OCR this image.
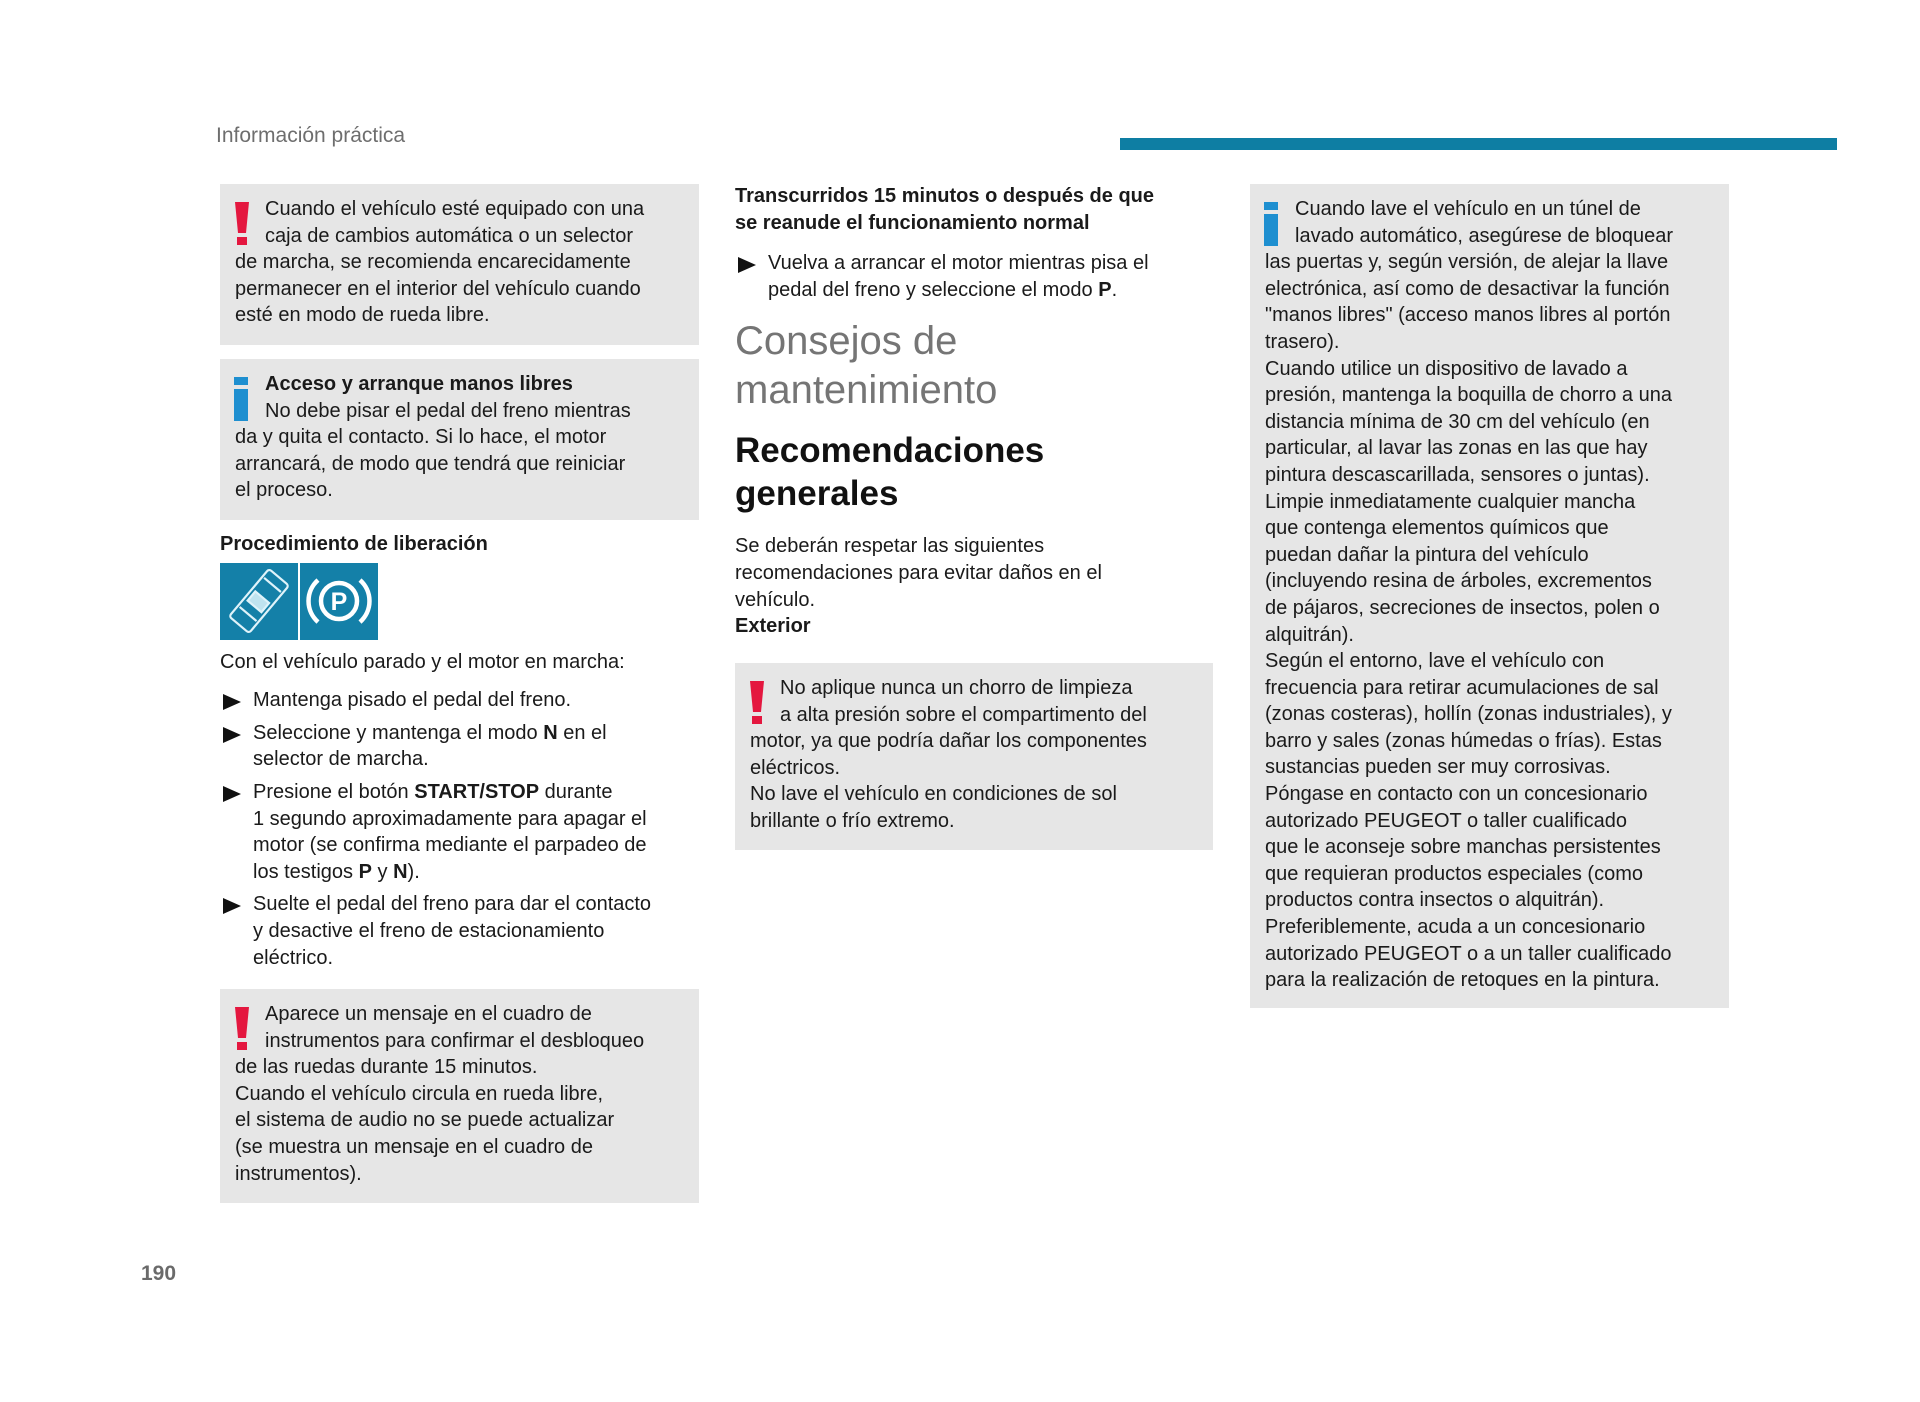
Información práctica

Cuando el vehículo esté equipado con una

caja de cambios automática o un selector

de marcha, se recomienda encarecidamente

permanecer en el interior del vehículo cuando

esté en modo de rueda libre.

Acceso y arranque manos libres

No debe pisar el pedal del freno mientras

da y quita el contacto. Si lo hace, el motor

arrancará, de modo que tendrá que reiniciar

el proceso.

Procedimiento de liberación
P

Con el vehículo parado y el motor en marcha:

Mantenga pisado el pedal del freno.
Seleccione y mantenga el modo N en el
selector de marcha.
Presione el botón START/STOP durante
1 segundo aproximadamente para apagar el
motor (se confirma mediante el parpadeo de
los testigos P y N).
Suelte el pedal del freno para dar el contacto
y desactive el freno de estacionamiento
eléctrico.

Aparece un mensaje en el cuadro de

instrumentos para confirmar el desbloqueo

de las ruedas durante 15 minutos.

Cuando el vehículo circula en rueda libre,

el sistema de audio no se puede actualizar

(se muestra un mensaje en el cuadro de

instrumentos).

Transcurridos 15 minutos o después de que
se reanude el funcionamiento normal
Vuelva a arrancar el motor mientras pisa el
pedal del freno y seleccione el modo P.
Consejos de
mantenimiento
Recomendaciones
generales

Se deberán respetar las siguientes
recomendaciones para evitar daños en el
vehículo.

Exterior

No aplique nunca un chorro de limpieza

a alta presión sobre el compartimento del

motor, ya que podría dañar los componentes

eléctricos.

No lave el vehículo en condiciones de sol

brillante o frío extremo.

Cuando lave el vehículo en un túnel de

lavado automático, asegúrese de bloquear

las puertas y, según versión, de alejar la llave

electrónica, así como de desactivar la función

"manos libres" (acceso manos libres al portón

trasero).

Cuando utilice un dispositivo de lavado a

presión, mantenga la boquilla de chorro a una

distancia mínima de 30 cm del vehículo (en

particular, al lavar las zonas en las que hay

pintura descascarillada, sensores o juntas).

Limpie inmediatamente cualquier mancha

que contenga elementos químicos que

puedan dañar la pintura del vehículo

(incluyendo resina de árboles, excrementos

de pájaros, secreciones de insectos, polen o

alquitrán).

Según el entorno, lave el vehículo con

frecuencia para retirar acumulaciones de sal

(zonas costeras), hollín (zonas industriales), y

barro y sales (zonas húmedas o frías). Estas

sustancias pueden ser muy corrosivas.

Póngase en contacto con un concesionario

autorizado PEUGEOT o taller cualificado

que le aconseje sobre manchas persistentes

que requieran productos especiales (como

productos contra insectos o alquitrán).

Preferiblemente, acuda a un concesionario

autorizado PEUGEOT o a un taller cualificado

para la realización de retoques en la pintura.

190
